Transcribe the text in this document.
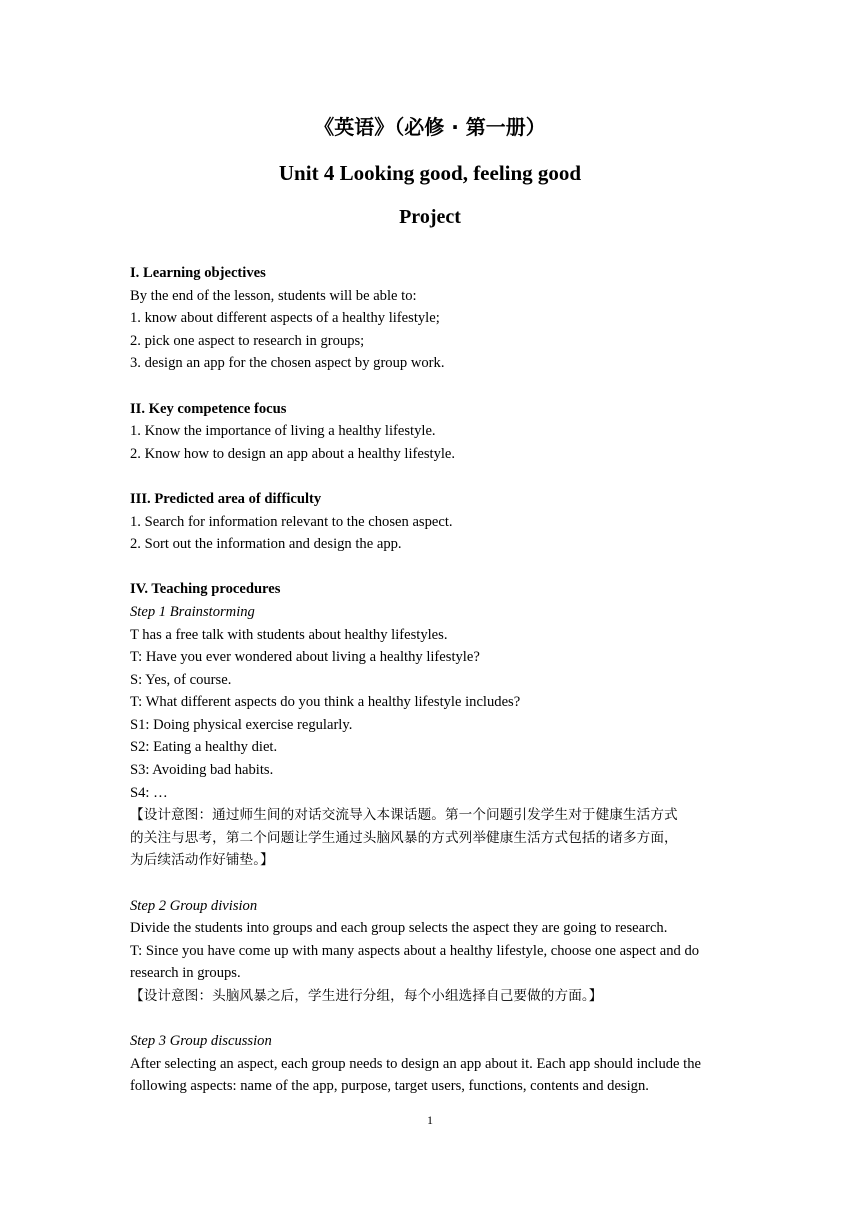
《英语》（必修 · 第一册）
Unit 4 Looking good, feeling good
Project
I. Learning objectives
By the end of the lesson, students will be able to:
1. know about different aspects of a healthy lifestyle;
2. pick one aspect to research in groups;
3. design an app for the chosen aspect by group work.
II. Key competence focus
1. Know the importance of living a healthy lifestyle.
2. Know how to design an app about a healthy lifestyle.
III. Predicted area of difficulty
1. Search for information relevant to the chosen aspect.
2. Sort out the information and design the app.
IV. Teaching procedures
Step 1 Brainstorming
T has a free talk with students about healthy lifestyles.
T: Have you ever wondered about living a healthy lifestyle?
S: Yes, of course.
T: What different aspects do you think a healthy lifestyle includes?
S1: Doing physical exercise regularly.
S2: Eating a healthy diet.
S3: Avoiding bad habits.
S4: …
【设计意图：通过师生间的对话交流导入本课话题。第一个问题引发学生对于健康生活方式
的关注与思考，第二个问题让学生通过头脑风暴的方式列举健康生活方式包括的诸多方面，
为后续活动作好铺垫。】
Step 2 Group division
Divide the students into groups and each group selects the aspect they are going to research.
T: Since you have come up with many aspects about a healthy lifestyle, choose one aspect and do research in groups.
【设计意图：头脑风暴之后，学生进行分组，每个小组选择自己要做的方面。】
Step 3 Group discussion
After selecting an aspect, each group needs to design an app about it. Each app should include the following aspects: name of the app, purpose, target users, functions, contents and design.
1
